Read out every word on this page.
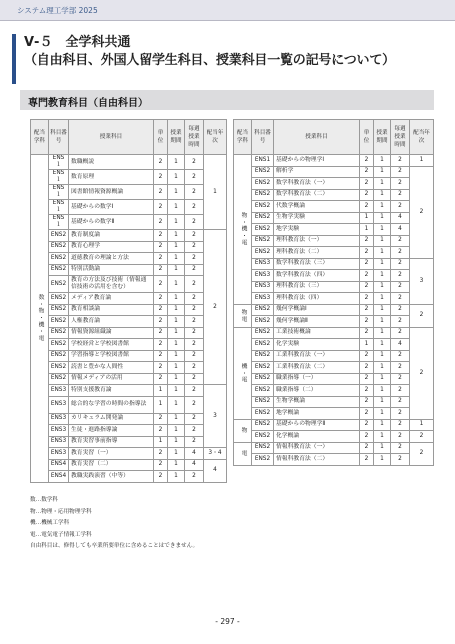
システム理工学部 2025
Ⅴ-５　全学科共通
（自由科目、外国人留学生科目、授業科目一覧の記号について）
専門教育科目（自由科目）
配当学科	科目番号	授業科目	単位	授業期間	毎週授業時間	配当年次
数・物・機・電	ENS１	数職概説	2	1	2	1
	ENS１	数育原理	2	1	2	
	ENS１	図書館情報資源概論	2	1	2	
	ENS１	基礎からの数学Ⅰ	2	1	2	
	ENS１	基礎からの数学Ⅱ	2	1	2	
	ENS2	教育制度論	2	1	2	2
	ENS2	教育心理学	2	1	2	
	ENS2	道徳教育の理論と方法	2	1	2	
	ENS2	特別活動論	2	1	2	
	ENS2	教育の方法及び技術（情報通信技術の活用を含む）	2	1	2	
	ENS2	メディア教育論	2	1	2	
	ENS2	教育相談論	2	1	2	
	ENS2	人権教育論	2	1	2	
	ENS2	情報資源組織論	2	1	2	
	ENS2	学校経営と学校図書館	2	1	2	
	ENS2	学習指導と学校図書館	2	1	2	
	ENS2	読書と豊かな人間性	2	1	2	
	ENS2	情報メディアの活用	2	1	2	
	ENS3	特別支援教育論	1	1	2	3
	ENS3	総合的な学習の時間の指導法	1	1	2	
	ENS3	カリキュラム開発論	2	1	2	
	ENS3	生徒・進路指導論	2	1	2	
	ENS3	教育実習事前指導	1	1	2	
	ENS3	教育実習（一）	2	1	4	3・4
	ENS4	教育実習（二）	2	1	4	4
	ENS4	教職実践演習（中等）	2	1	2	
配当学科	科目番号	授業科目	単位	授業期間	毎週授業時間	配当年次
物・機・電	ENS1	基礎からの物理学Ⅰ	2	1	2	1
	ENS2	解析学	2	1	2	2
	ENS2	数学科教育法（一）	2	1	2	
	ENS2	数学科教育法（二）	2	1	2	
	ENS2	代数学概論	2	1	2	
	ENS2	生物学実験	1	1	4	
	ENS2	地学実験	1	1	4	
	ENS2	理科教育法（一）	2	1	2	
	ENS2	理科教育法（二）	2	1	2	
	ENS3	数学科教育法（三）	2	1	2	3
	ENS3	数学科教育法（四）	2	1	2	
	ENS3	理科教育法（三）	2	1	2	
	ENS3	理科教育法（四）	2	1	2	
物電	ENS2	幾何学概論Ⅰ	2	1	2	2
	ENS2	幾何学概論Ⅱ	2	1	2	
機・電	ENS2	工業技術概論	2	1	2	2
	ENS2	化学実験	1	1	4	
	ENS2	工業科教育法（一）	2	1	2	
	ENS2	工業科教育法（二）	2	1	2	
	ENS2	職業指導（一）	2	1	2	
	ENS2	職業指導（二）	2	1	2	
	ENS2	生物学概論	2	1	2	
	ENS2	地学概論	2	1	2	
物	ENS2	基礎からの物理学Ⅱ	2	1	2	1
	ENS2	化学概論	2	1	2	2
電	ENS2	情報科教育法（一）	2	1	2	2
	ENS2	情報科教育法（二）	2	1	2	
数…数学科
物…物理・応用物理学科
機…機械工学科
電…電気電子情報工学科
自由科目は、修得しても卒業所要単位に含めることはできません。
- 297 -
